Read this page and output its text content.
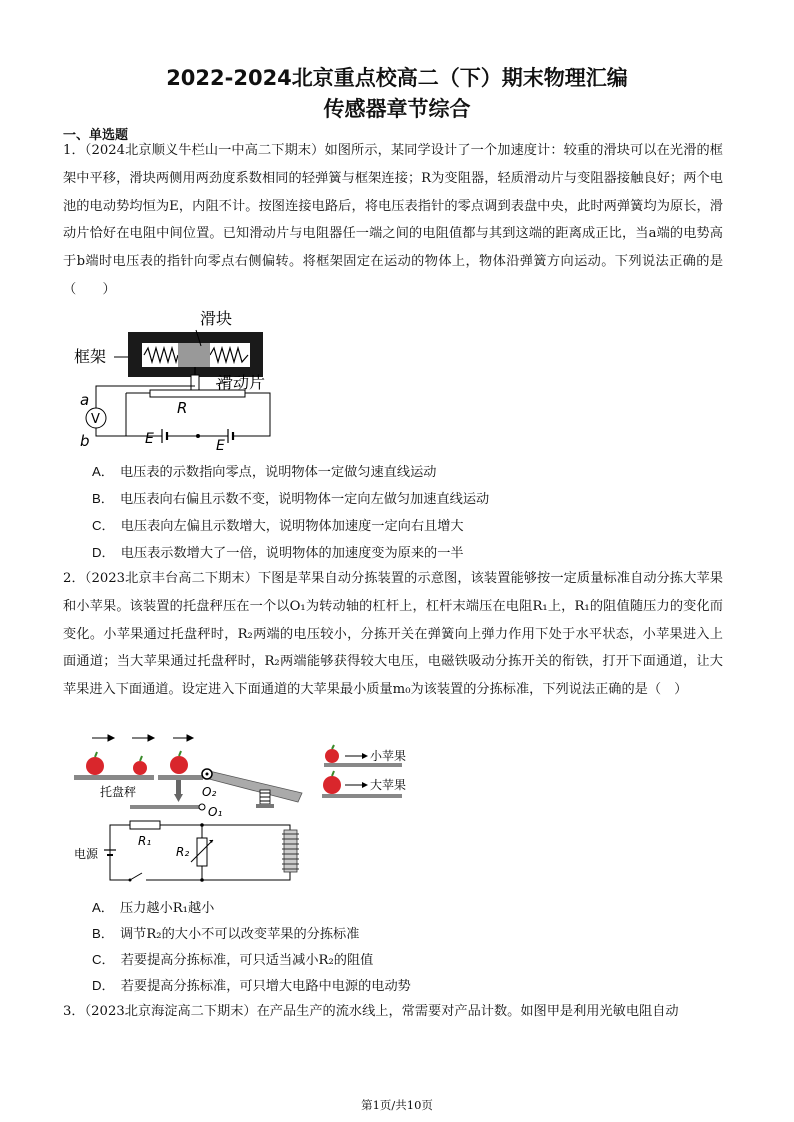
2022-2024北京重点校高二（下）期末物理汇编
传感器章节综合
一、单选题
1．（2024北京顺义牛栏山一中高二下期末）如图所示，某同学设计了一个加速度计：较重的滑块可以在光滑的框架中平移，滑块两侧用两劲度系数相同的轻弹簧与框架连接；R为变阻器，轻质滑动片与变阻器接触良好；两个电池的电动势均恒为E，内阻不计。按图连接电路后，将电压表指针的零点调到表盘中央，此时两弹簧均为原长，滑动片恰好在电阻中间位置。已知滑动片与电阻器任一端之间的电阻值都与其到这端的距离成正比，当a端的电势高于b端时电压表的指针向零点右侧偏转。将框架固定在运动的物体上，物体沿弹簧方向运动。下列说法正确的是（　　）
V
滑块
框架
滑动片
R
a
b	E	E
A． 电压表的示数指向零点，说明物体一定做匀速直线运动
B． 电压表向右偏且示数不变，说明物体一定向左做匀加速直线运动
C． 电压表向左偏且示数增大，说明物体加速度一定向右且增大
D． 电压表示数增大了一倍，说明物体的加速度变为原来的一半
2．（2023北京丰台高二下期末）下图是苹果自动分拣装置的示意图，该装置能够按一定质量标准自动分拣大苹果和小苹果。该装置的托盘秤压在一个以O₁为转动轴的杠杆上，杠杆末端压在电阻R₁上，R₁的阻值随压力的变化而变化。小苹果通过托盘秤时，R₂两端的电压较小，分拣开关在弹簧向上弹力作用下处于水平状态，小苹果进入上面通道；当大苹果通过托盘秤时，R₂两端能够获得较大电压，电磁铁吸动分拣开关的衔铁，打开下面通道，让大苹果进入下面通道。设定进入下面通道的大苹果最小质量m₀为该装置的分拣标准，下列说法正确的是（　）
托盘秤	O₂
O₁
R₁
R₂
电源
小苹果
大苹果
A． 压力越小R₁越小
B． 调节R₂的大小不可以改变苹果的分拣标准
C． 若要提高分拣标准，可只适当减小R₂的阻值
D． 若要提高分拣标准，可只增大电路中电源的电动势
3．（2023北京海淀高二下期末）在产品生产的流水线上，常需要对产品计数。如图甲是利用光敏电阻自动
第1页/共10页
